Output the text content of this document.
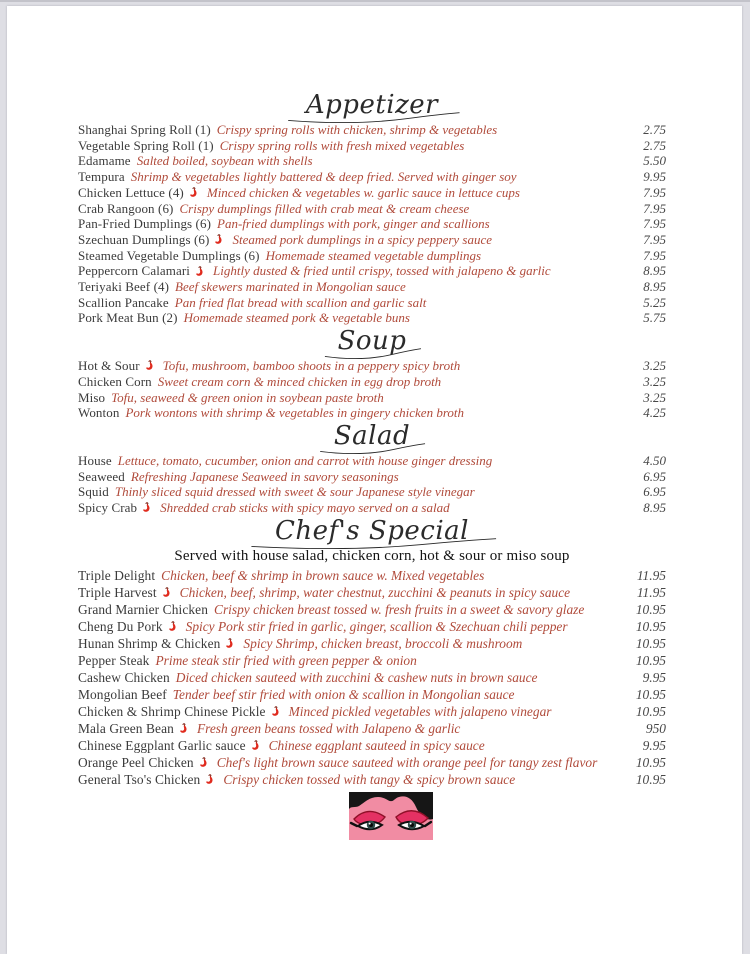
Appetizer
Shanghai Spring Roll (1) Crispy spring rolls with chicken, shrimp & vegetables	2.75
Vegetable Spring Roll (1) Crispy spring rolls with fresh mixed vegetables	2.75
Edamame Salted boiled, soybean with shells	5.50
Tempura Shrimp & vegetables lightly battered & deep fried. Served with ginger soy	9.95
Chicken Lettuce (4) Minced chicken & vegetables w. garlic sauce in lettuce cups	7.95
Crab Rangoon (6) Crispy dumplings filled with crab meat & cream cheese	7.95
Pan-Fried Dumplings (6) Pan-fried dumplings with pork, ginger and scallions	7.95
Szechuan Dumplings (6) Steamed pork dumplings in a spicy peppery sauce	7.95
Steamed Vegetable Dumplings (6) Homemade steamed vegetable dumplings	7.95
Peppercorn Calamari Lightly dusted & fried until crispy, tossed with jalapeno & garlic	8.95
Teriyaki Beef (4) Beef skewers marinated in Mongolian sauce	8.95
Scallion Pancake Pan fried flat bread with scallion and garlic salt	5.25
Pork Meat Bun (2) Homemade steamed pork & vegetable buns	5.75
Soup
Hot & Sour Tofu, mushroom, bamboo shoots in a peppery spicy broth	3.25
Chicken Corn Sweet cream corn & minced chicken in egg drop broth	3.25
Miso Tofu, seaweed & green onion in soybean paste broth	3.25
Wonton Pork wontons with shrimp & vegetables in gingery chicken broth	4.25
Salad
House Lettuce, tomato, cucumber, onion and carrot with house ginger dressing	4.50
Seaweed Refreshing Japanese Seaweed in savory seasonings	6.95
Squid Thinly sliced squid dressed with sweet & sour Japanese style vinegar	6.95
Spicy Crab Shredded crab sticks with spicy mayo served on a salad	8.95
Chef's Special

Served with house salad, chicken corn, hot & sour or miso soup

Triple Delight Chicken, beef & shrimp in brown sauce w. Mixed vegetables	11.95
Triple Harvest Chicken, beef, shrimp, water chestnut, zucchini & peanuts in spicy sauce	11.95
Grand Marnier Chicken Crispy chicken breast tossed w. fresh fruits in a sweet & savory glaze	10.95
Cheng Du Pork Spicy Pork stir fried in garlic, ginger, scallion & Szechuan chili pepper	10.95
Hunan Shrimp & Chicken Spicy Shrimp, chicken breast, broccoli & mushroom	10.95
Pepper Steak Prime steak stir fried with green pepper & onion	10.95
Cashew Chicken Diced chicken sauteed with zucchini & cashew nuts in brown sauce	9.95
Mongolian Beef Tender beef stir fried with onion & scallion in Mongolian sauce	10.95
Chicken & Shrimp Chinese Pickle Minced pickled vegetables with jalapeno vinegar	10.95
Mala Green Bean Fresh green beans tossed with Jalapeno & garlic	950
Chinese Eggplant Garlic sauce Chinese eggplant sauteed in spicy sauce	9.95
Orange Peel Chicken Chef's light brown sauce sauteed with orange peel for tangy zest flavor	10.95
General Tso's Chicken Crispy chicken tossed with tangy & spicy brown sauce	10.95
